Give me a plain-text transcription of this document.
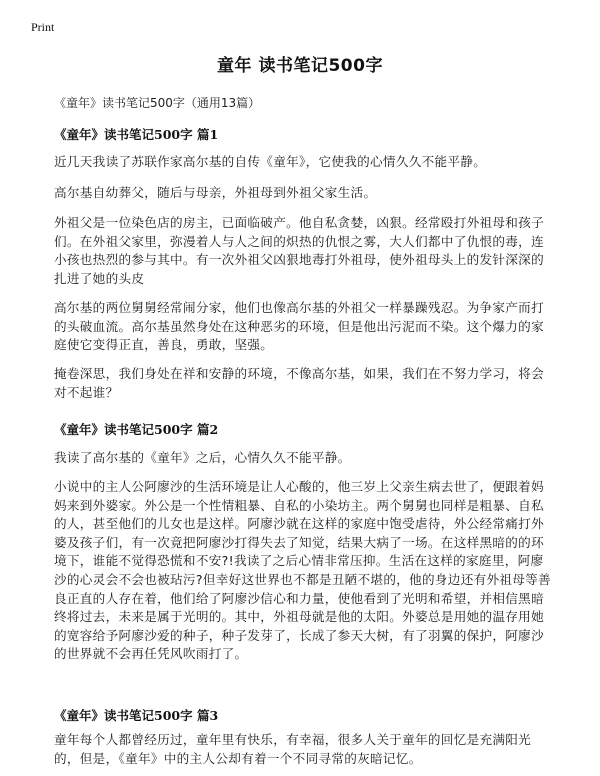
Print
童年 读书笔记500字
《童年》读书笔记500字（通用13篇）
《童年》读书笔记500字 篇1
近几天我读了苏联作家高尔基的自传《童年》，它使我的心情久久不能平静。
高尔基自幼葬父，随后与母亲，外祖母到外祖父家生活。
外祖父是一位染色店的房主，已面临破产。他自私贪婪，凶狠。经常殴打外祖母和孩子们。在外祖父家里，弥漫着人与人之间的炽热的仇恨之雾，大人们都中了仇恨的毒，连小孩也热烈的参与其中。有一次外祖父凶狠地毒打外祖母，使外祖母头上的发针深深的扎进了她的头皮
高尔基的两位舅舅经常闹分家，他们也像高尔基的外祖父一样暴躁残忍。为争家产而打的头破血流。高尔基虽然身处在这种恶劣的环境，但是他出污泥而不染。这个爆力的家庭使它变得正直，善良，勇敢，坚强。
掩卷深思，我们身处在祥和安静的环境，不像高尔基，如果，我们在不努力学习，将会对不起谁？
《童年》读书笔记500字 篇2
我读了高尔基的《童年》之后，心情久久不能平静。
小说中的主人公阿廖沙的生活环境是让人心酸的，他三岁上父亲生病去世了，便跟着妈妈来到外婆家。外公是一个性情粗暴、自私的小染坊主。两个舅舅也同样是粗暴、自私的人，甚至他们的儿女也是这样。阿廖沙就在这样的家庭中饱受虐待，外公经常痛打外婆及孩子们，有一次竟把阿廖沙打得失去了知觉，结果大病了一场。在这样黑暗的的环境下，谁能不觉得恐慌和不安?!我读了之后心情非常压抑。生活在这样的家庭里，阿廖沙的心灵会不会也被玷污?但幸好这世界也不都是丑陋不堪的，他的身边还有外祖母等善良正直的人存在着，他们给了阿廖沙信心和力量，使他看到了光明和希望，并相信黑暗终将过去，未来是属于光明的。其中，外祖母就是他的太阳。外婆总是用她的温存用她的宽容给予阿廖沙爱的种子，种子发芽了，长成了参天大树，有了羽翼的保护，阿廖沙的世界就不会再任凭风吹雨打了。
《童年》读书笔记500字 篇3
童年每个人都曾经历过，童年里有快乐，有幸福，很多人关于童年的回忆是充满阳光的，但是，《童年》中的主人公却有着一个不同寻常的灰暗记忆。
